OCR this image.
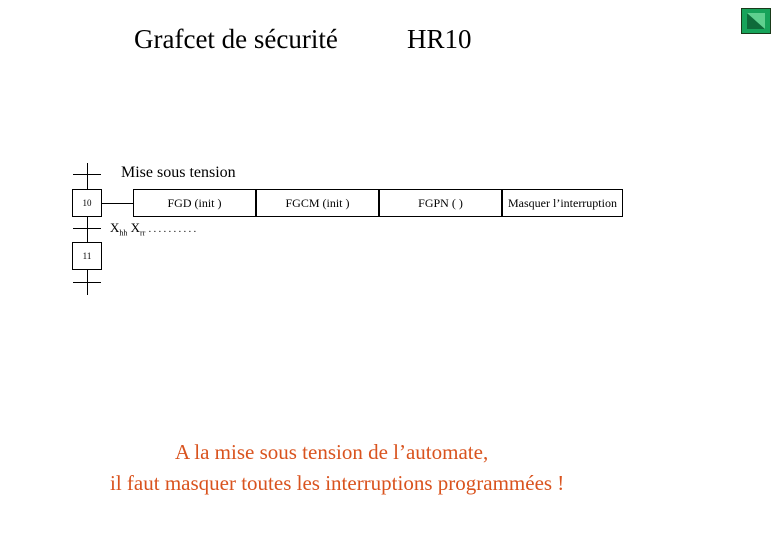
Grafcet de sécurité	HR10
Mise sous tension
10	FGD (init )	FGCM (init )	FGPN ( )	Masquer l’interruption
$X_{hh}$ $X_{rr}$ . . . . . . . . . .
11
A la mise sous tension de l’automate,
il faut masquer toutes les interruptions programmées !
